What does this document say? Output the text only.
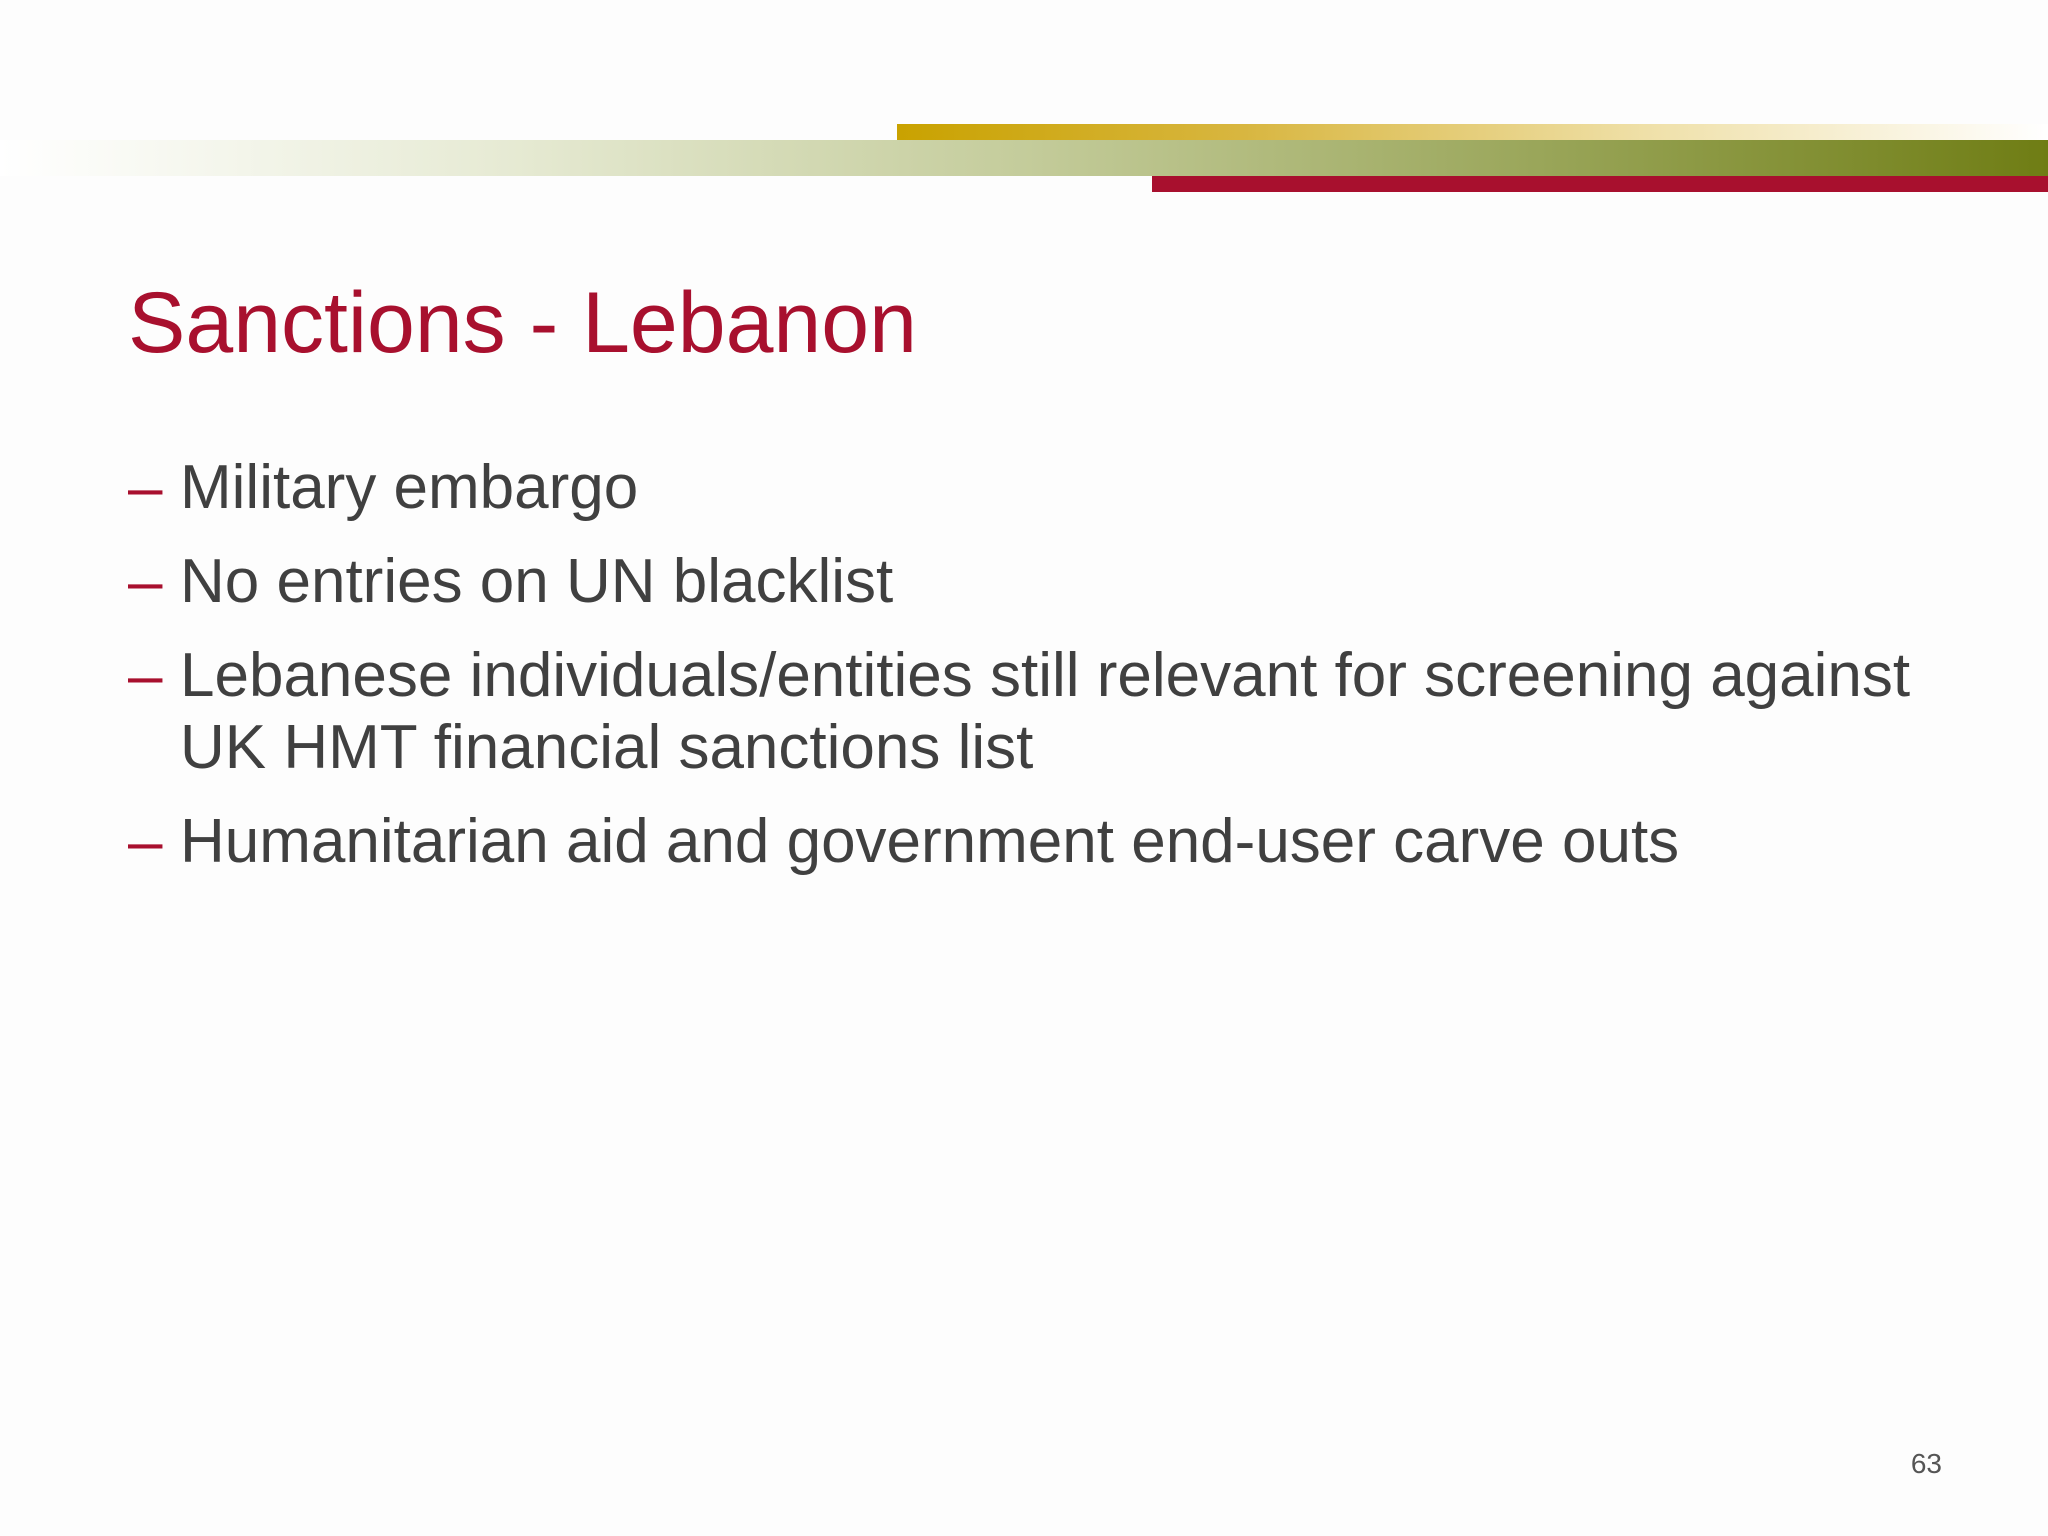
Sanctions - Lebanon
– Military embargo
– No entries on UN blacklist
– Lebanese individuals/entities still relevant for screening against UK HMT financial sanctions list
– Humanitarian aid and government end-user carve outs
63
